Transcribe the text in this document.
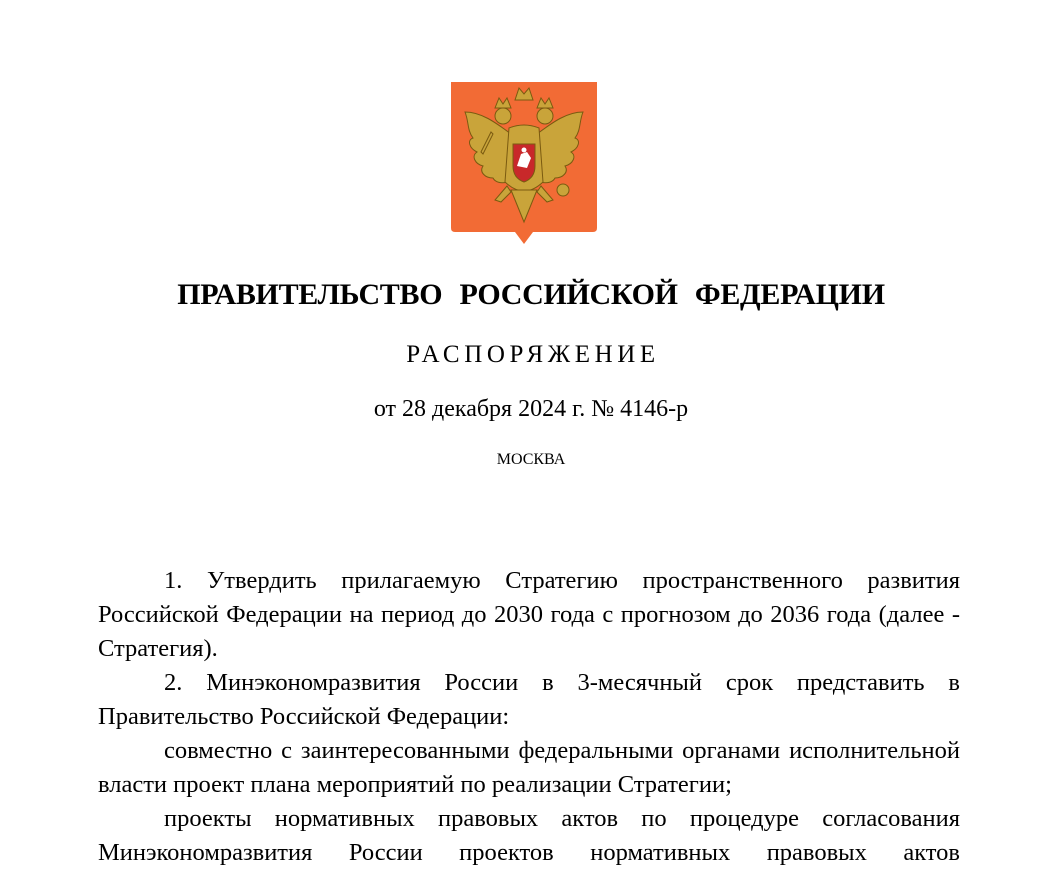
ПРАВИТЕЛЬСТВО РОССИЙСКОЙ ФЕДЕРАЦИИ
РАСПОРЯЖЕНИЕ
от 28 декабря 2024 г. № 4146-р
МОСКВА

1. Утвердить прилагаемую Стратегию пространственного развития Российской Федерации на период до 2030 года с прогнозом до 2036 года (далее - Стратегия).

2. Минэкономразвития России в 3-месячный срок представить в Правительство Российской Федерации:

совместно с заинтересованными федеральными органами исполнительной власти проект плана мероприятий по реализации Стратегии;

проекты нормативных правовых актов по процедуре согласования Минэкономразвития России проектов нормативных правовых актов
